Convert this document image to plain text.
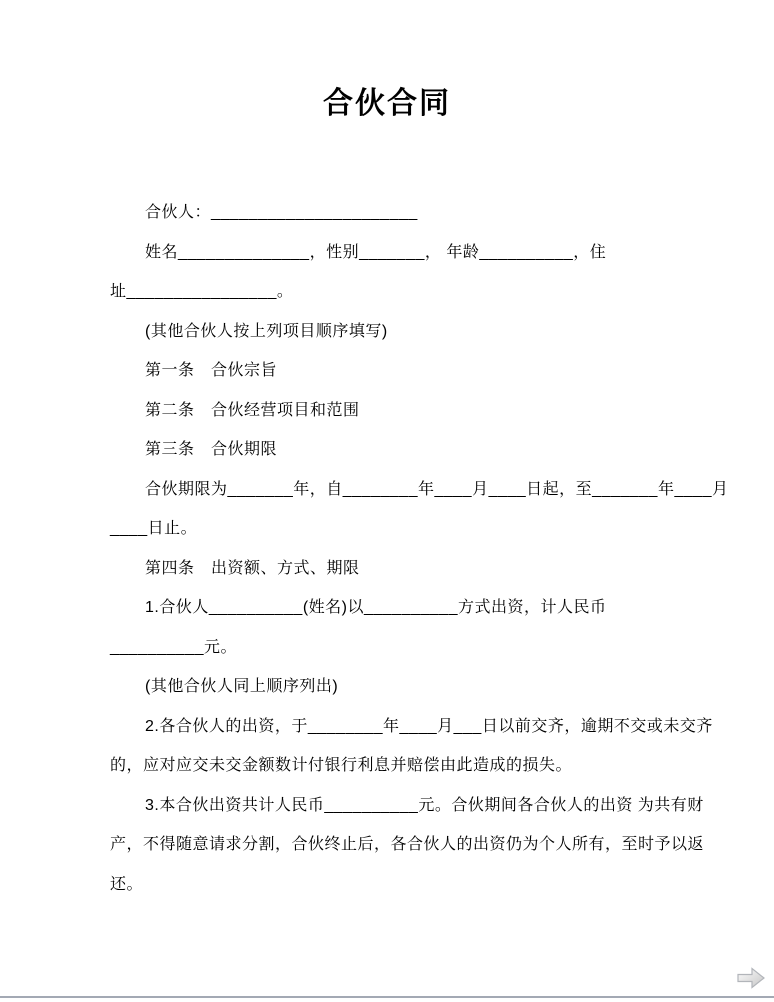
合伙合同
合伙人：______________________
姓名______________，性别_______， 年龄__________，住
址________________。
(其他合伙人按上列项目顺序填写)
第一条　合伙宗旨
第二条　合伙经营项目和范围
第三条　合伙期限
合伙期限为_______年，自________年____月____日起，至_______年____月
____日止。
第四条　出资额、方式、期限
1.合伙人__________(姓名)以__________方式出资，计人民币
__________元。
(其他合伙人同上顺序列出)
2.各合伙人的出资，于________年____月___日以前交齐，逾期不交或未交齐
的，应对应交未交金额数计付银行利息并赔偿由此造成的损失。
3.本合伙出资共计人民币__________元。合伙期间各合伙人的出资 为共有财
产，不得随意请求分割，合伙终止后，各合伙人的出资仍为个人所有，至时予以返
还。
